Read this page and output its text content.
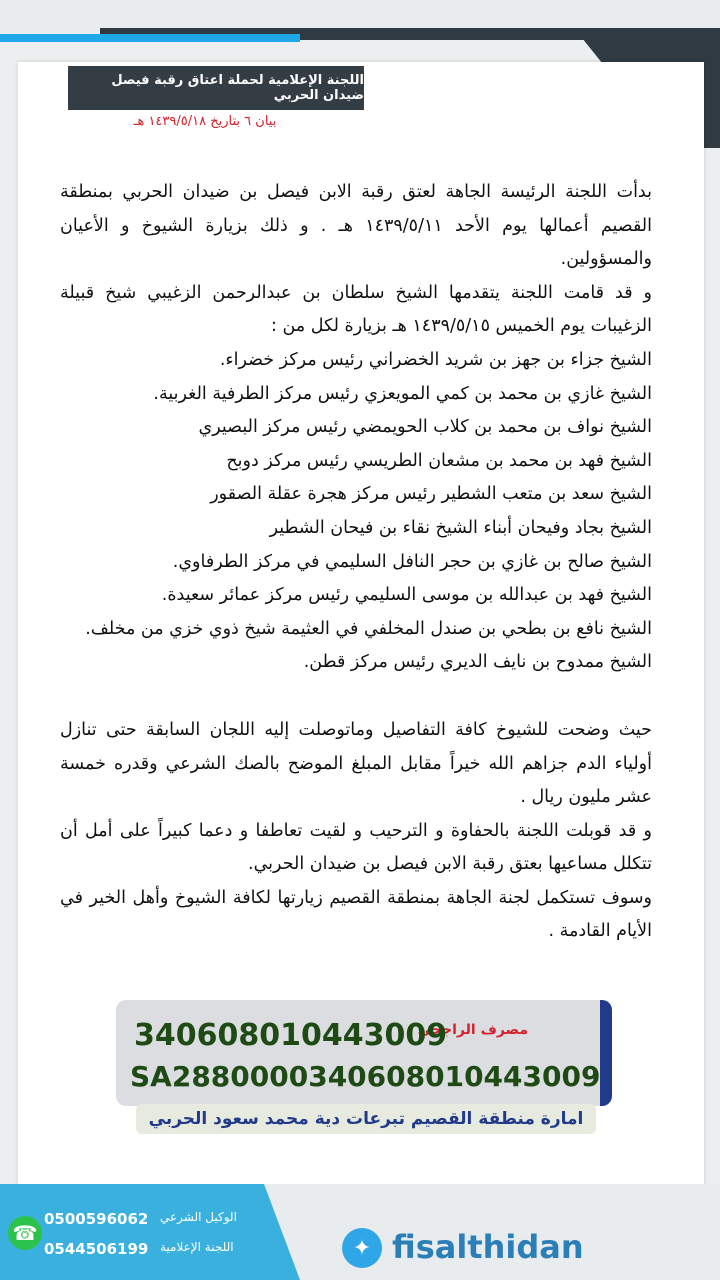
اللجنة الإعلامية لحملة اعتاق رقبة فيصل ضيدان الحربي
بيان ٦ بتاريخ ١٤٣٩/٥/١٨ هـ

بدأت اللجنة الرئيسة الجاهة لعتق رقبة الابن فيصل بن ضيدان الحربي بمنطقة القصيم أعمالها يوم الأحد ١٤٣٩/٥/١١ هـ . و ذلك بزيارة الشيوخ و الأعيان والمسؤولين.

و قد قامت اللجنة يتقدمها الشيخ سلطان بن عبدالرحمن الزغيبي شيخ قبيلة الزغيبات يوم الخميس ١٤٣٩/٥/١٥ هـ بزيارة لكل من :

الشيخ جزاء بن جهز بن شريد الخضراني رئيس مركز خضراء.

الشيخ غازي بن محمد بن كمي المويعزي رئيس مركز الطرفية الغربية.

الشيخ نواف بن محمد بن كلاب الحويمضي رئيس مركز البصيري

الشيخ فهد بن محمد بن مشعان الطريسي رئيس مركز دوبح

الشيخ سعد بن متعب الشطير رئيس مركز هجرة عقلة الصقور

الشيخ بجاد وفيحان أبناء الشيخ نقاء بن فيحان الشطير

الشيخ صالح بن غازي بن حجر النافل السليمي في مركز الطرفاوي.

الشيخ فهد بن عبدالله بن موسى السليمي رئيس مركز عمائر سعيدة.

الشيخ نافع بن بطحي بن صندل المخلفي في العثيمة شيخ ذوي خزي من مخلف.

الشيخ ممدوح بن نايف الديري رئيس مركز قطن.

حيث وضحت للشيوخ كافة التفاصيل وماتوصلت إليه اللجان السابقة حتى تنازل أولياء الدم جزاهم الله خيراً مقابل المبلغ الموضح بالصك الشرعي وقدره خمسة عشر مليون ريال .

و قد قوبلت اللجنة بالحفاوة و الترحيب و لقيت تعاطفا و دعما كبيراً على أمل أن تتكلل مساعيها بعتق رقبة الابن فيصل بن ضيدان الحربي.

وسوف تستكمل لجنة الجاهة بمنطقة القصيم زيارتها لكافة الشيوخ وأهل الخير في الأيام القادمة .

مصرف الراجحي
340608010443009
SA2880000340608010443009
امارة منطقة القصيم تبرعات دية محمد سعود الحربي
☎
0500596062 الوكيل الشرعي
0544506199 اللجنة الإعلامية	✦ fisalthidan
